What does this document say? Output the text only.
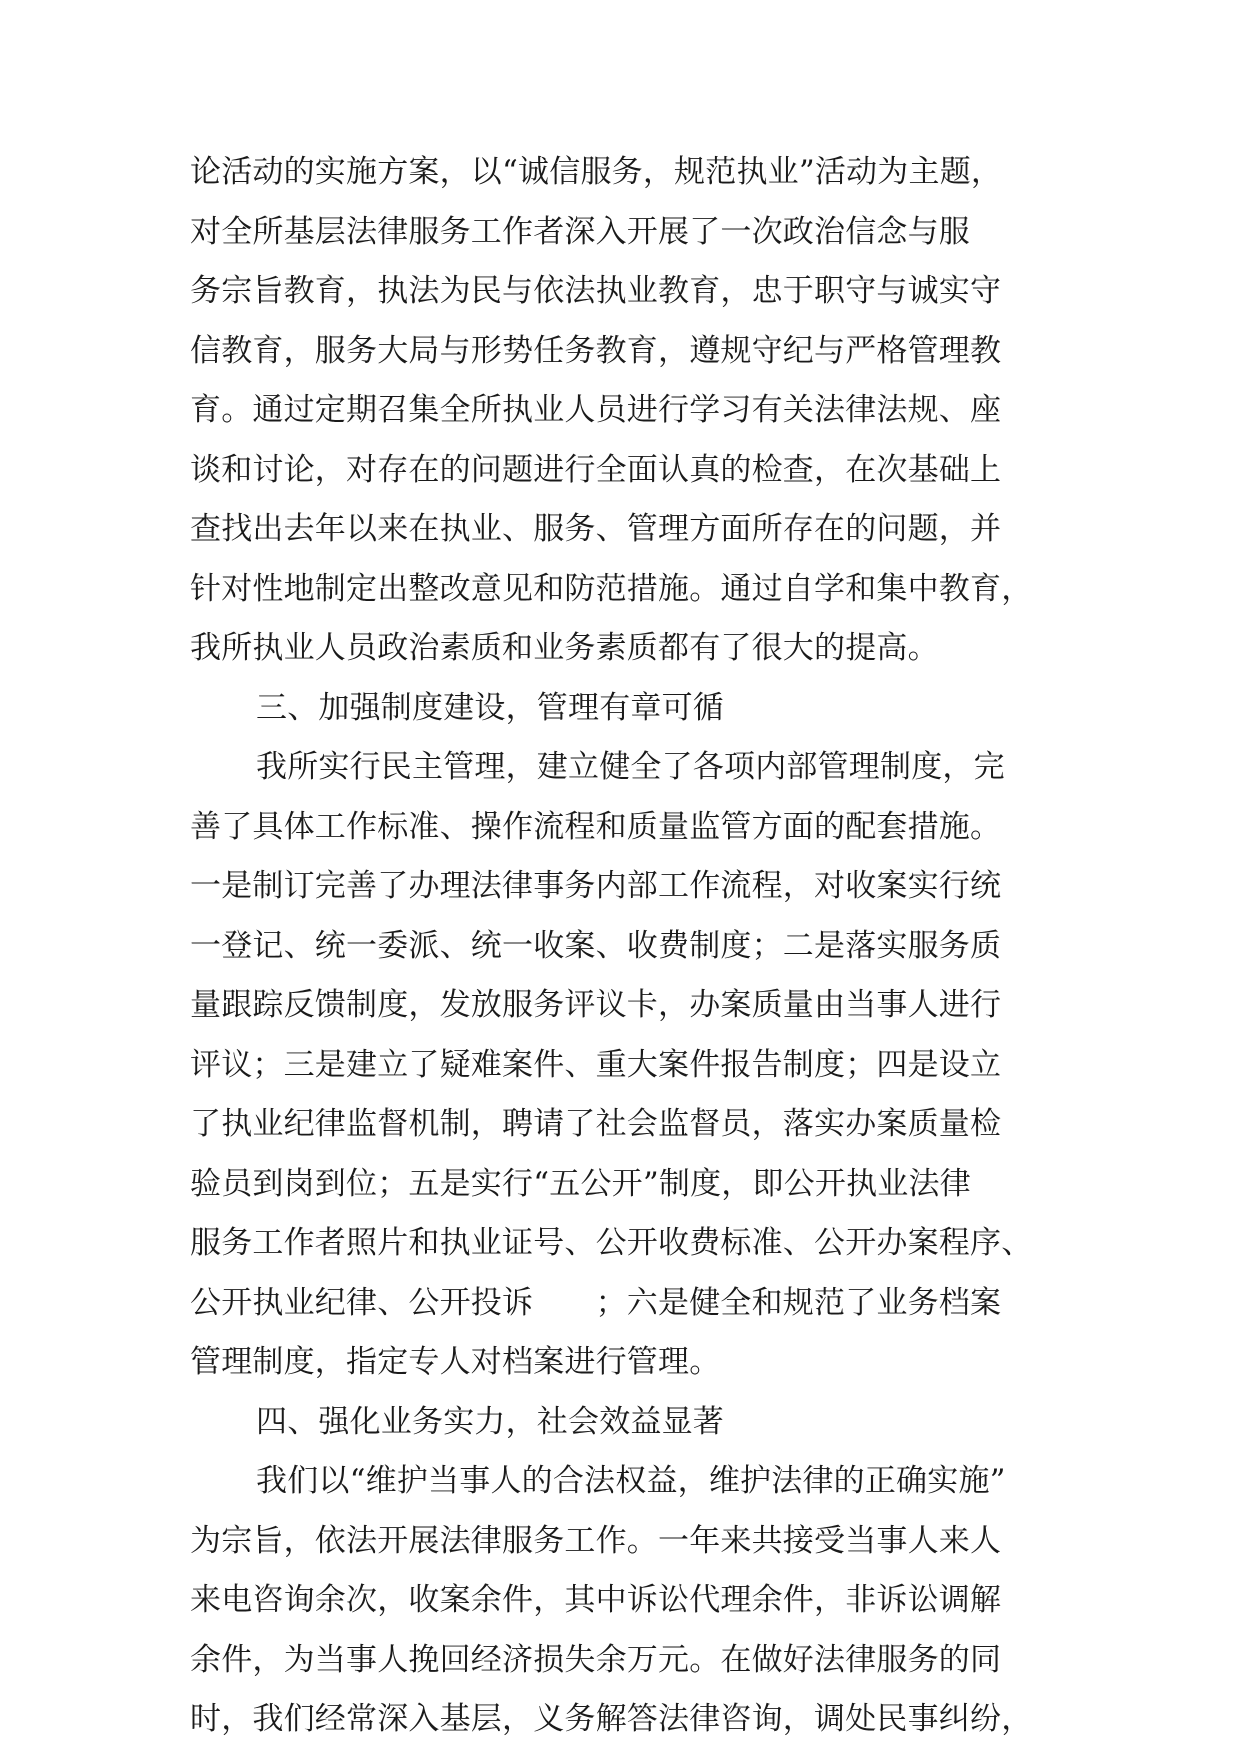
论活动的实施方案，以“诚信服务，规范执业”活动为主题，
对全所基层法律服务工作者深入开展了一次政治信念与服
务宗旨教育，执法为民与依法执业教育，忠于职守与诚实守
信教育，服务大局与形势任务教育，遵规守纪与严格管理教
育。通过定期召集全所执业人员进行学习有关法律法规、座
谈和讨论，对存在的问题进行全面认真的检查，在次基础上
查找出去年以来在执业、服务、管理方面所存在的问题，并
针对性地制定出整改意见和防范措施。通过自学和集中教育，
我所执业人员政治素质和业务素质都有了很大的提高。
三、加强制度建设，管理有章可循
我所实行民主管理，建立健全了各项内部管理制度，完
善了具体工作标准、操作流程和质量监管方面的配套措施。
一是制订完善了办理法律事务内部工作流程，对收案实行统
一登记、统一委派、统一收案、收费制度；二是落实服务质
量跟踪反馈制度，发放服务评议卡，办案质量由当事人进行
评议；三是建立了疑难案件、重大案件报告制度；四是设立
了执业纪律监督机制，聘请了社会监督员，落实办案质量检
验员到岗到位；五是实行“五公开”制度，即公开执业法律
服务工作者照片和执业证号、公开收费标准、公开办案程序、
公开执业纪律、公开投诉　　；六是健全和规范了业务档案
管理制度，指定专人对档案进行管理。
四、强化业务实力，社会效益显著
我们以“维护当事人的合法权益，维护法律的正确实施”
为宗旨，依法开展法律服务工作。一年来共接受当事人来人
来电咨询余次，收案余件，其中诉讼代理余件，非诉讼调解
余件，为当事人挽回经济损失余万元。在做好法律服务的同
时，我们经常深入基层，义务解答法律咨询，调处民事纠纷，
